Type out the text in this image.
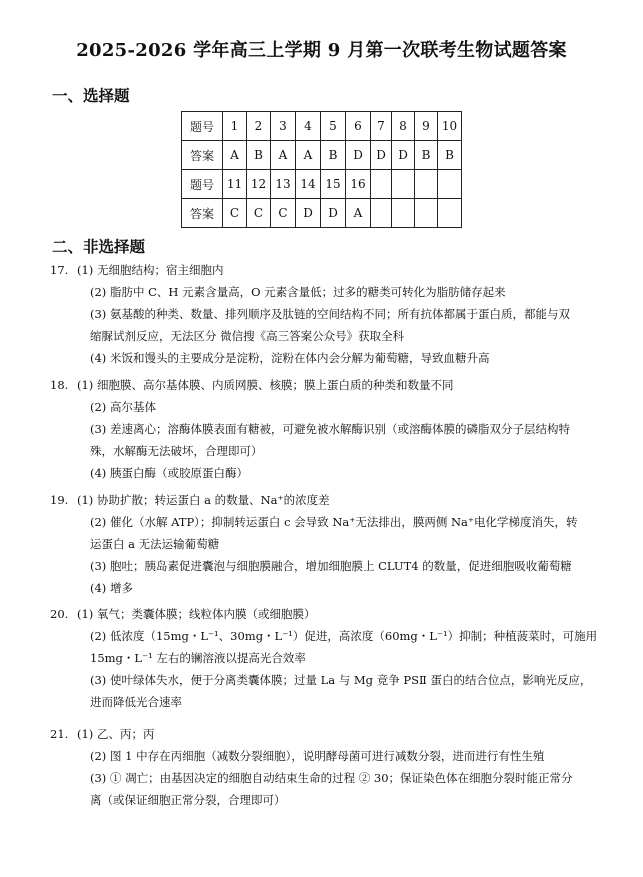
2025-2026 学年高三上学期 9 月第一次联考生物试题答案
一、选择题
题号	1	2	3	4	5	6	7	8	9	10
答案	A	B	A	A	B	D	D	D	B	B
题号	11	12	13	14	15	16				
答案	C	C	C	D	D	A				
二、非选择题
17. (1) 无细胞结构；宿主细胞内
(2) 脂肪中 C、H 元素含量高，O 元素含量低；过多的糖类可转化为脂肪储存起来
(3) 氨基酸的种类、数量、排列顺序及肽链的空间结构不同；所有抗体都属于蛋白质，都能与双
缩脲试剂反应，无法区分 微信搜《高三答案公众号》获取全科
(4) 米饭和馒头的主要成分是淀粉，淀粉在体内会分解为葡萄糖，导致血糖升高
18. (1) 细胞膜、高尔基体膜、内质网膜、核膜；膜上蛋白质的种类和数量不同
(2) 高尔基体
(3) 差速离心；溶酶体膜表面有糖被，可避免被水解酶识别（或溶酶体膜的磷脂双分子层结构特
殊，水解酶无法破坏，合理即可）
(4) 胰蛋白酶（或胶原蛋白酶）
19. (1) 协助扩散；转运蛋白 a 的数量、Na⁺的浓度差
(2) 催化（水解 ATP）；抑制转运蛋白 c 会导致 Na⁺无法排出，膜两侧 Na⁺电化学梯度消失，转
运蛋白 a 无法运输葡萄糖
(3) 胞吐；胰岛素促进囊泡与细胞膜融合，增加细胞膜上 CLUT4 的数量，促进细胞吸收葡萄糖
(4) 增多
20. (1) 氧气；类囊体膜；线粒体内膜（或细胞膜）
(2) 低浓度（15mg・L⁻¹、30mg・L⁻¹）促进，高浓度（60mg・L⁻¹）抑制；种植菠菜时，可施用
15mg・L⁻¹ 左右的镧溶液以提高光合效率
(3) 使叶绿体失水，便于分离类囊体膜；过量 La 与 Mg 竞争 PSⅡ 蛋白的结合位点，影响光反应，
进而降低光合速率
21. (1) 乙、丙；丙
(2) 图 1 中存在丙细胞（减数分裂细胞），说明酵母菌可进行减数分裂，进而进行有性生殖
(3) ① 凋亡；由基因决定的细胞自动结束生命的过程 ② 30；保证染色体在细胞分裂时能正常分
离（或保证细胞正常分裂，合理即可）
